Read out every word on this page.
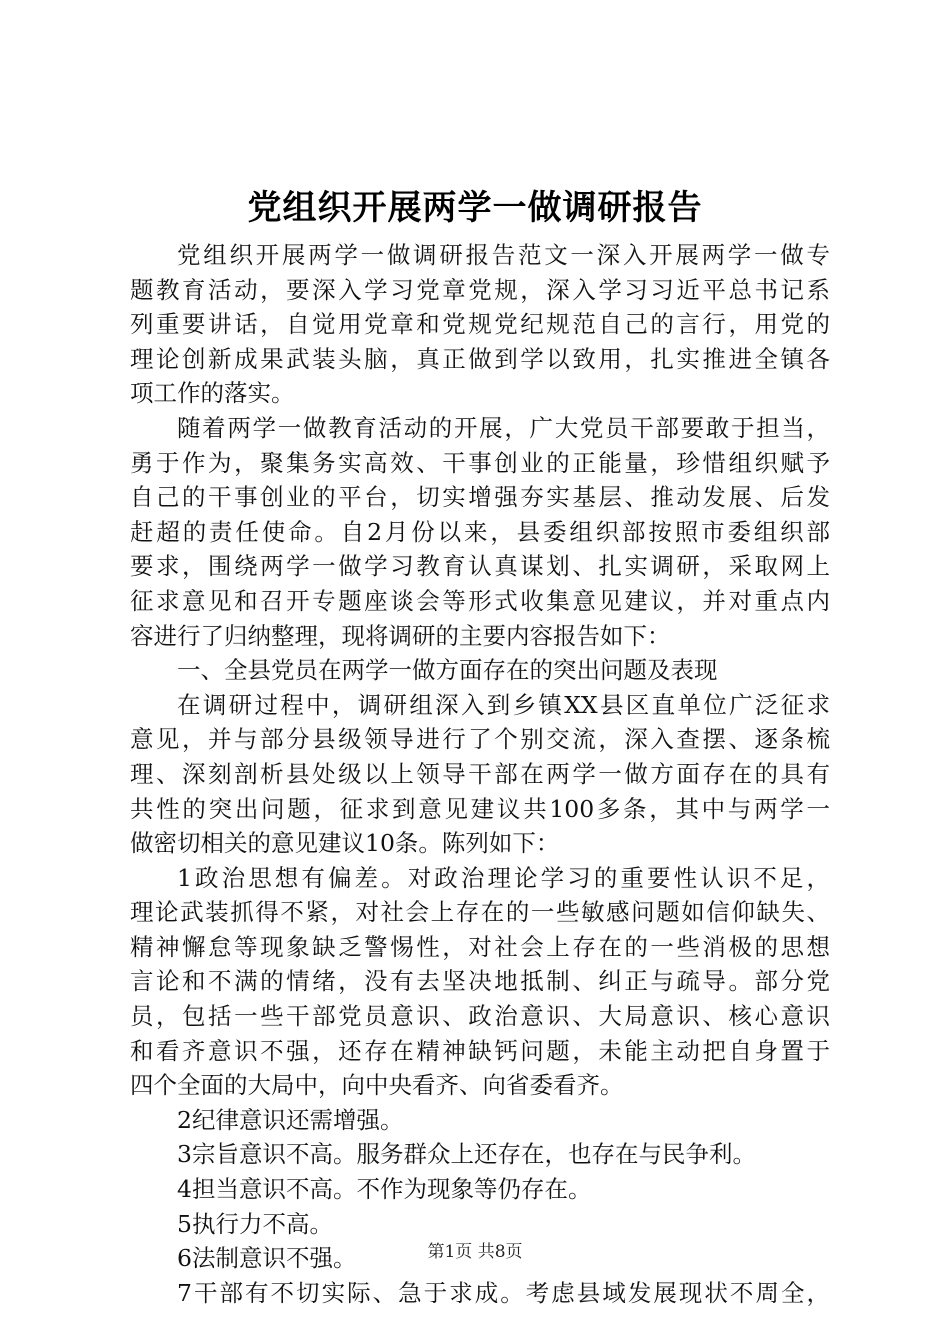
党组织开展两学一做调研报告
党组织开展两学一做调研报告范文一深入开展两学一做专
题教育活动，要深入学习党章党规，深入学习习近平总书记系
列重要讲话，自觉用党章和党规党纪规范自己的言行，用党的
理论创新成果武装头脑，真正做到学以致用，扎实推进全镇各
项工作的落实。
随着两学一做教育活动的开展，广大党员干部要敢于担当，
勇于作为，聚集务实高效、干事创业的正能量，珍惜组织赋予
自己的干事创业的平台，切实增强夯实基层、推动发展、后发
赶超的责任使命。自2月份以来，县委组织部按照市委组织部
要求，围绕两学一做学习教育认真谋划、扎实调研，采取网上
征求意见和召开专题座谈会等形式收集意见建议，并对重点内
容进行了归纳整理，现将调研的主要内容报告如下：
一、全县党员在两学一做方面存在的突出问题及表现
在调研过程中，调研组深入到乡镇XX县区直单位广泛征求
意见，并与部分县级领导进行了个别交流，深入查摆、逐条梳
理、深刻剖析县处级以上领导干部在两学一做方面存在的具有
共性的突出问题，征求到意见建议共100多条，其中与两学一
做密切相关的意见建议10条。陈列如下：
1政治思想有偏差。对政治理论学习的重要性认识不足，
理论武装抓得不紧，对社会上存在的一些敏感问题如信仰缺失、
精神懈怠等现象缺乏警惕性，对社会上存在的一些消极的思想
言论和不满的情绪，没有去坚决地抵制、纠正与疏导。部分党
员，包括一些干部党员意识、政治意识、大局意识、核心意识
和看齐意识不强，还存在精神缺钙问题，未能主动把自身置于
四个全面的大局中，向中央看齐、向省委看齐。
2纪律意识还需增强。
3宗旨意识不高。服务群众上还存在，也存在与民争利。
4担当意识不高。不作为现象等仍存在。
5执行力不高。
6法制意识不强。
7干部有不切实际、急于求成。考虑县域发展现状不周全，
第1页 共8页
